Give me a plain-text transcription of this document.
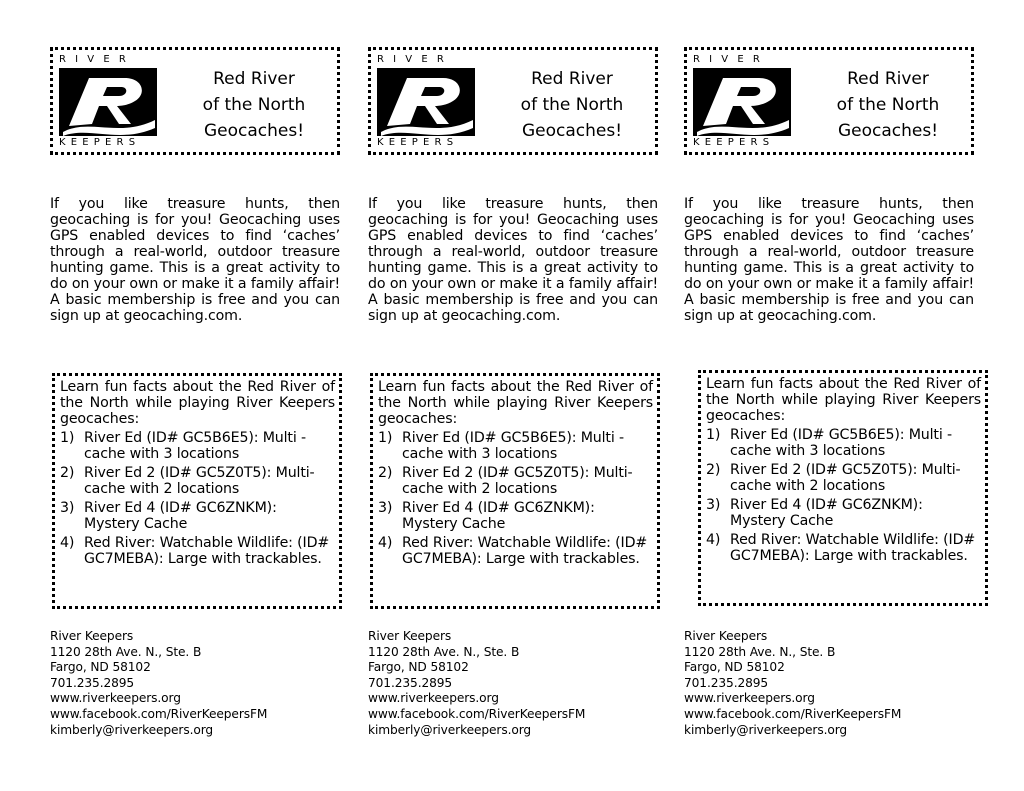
RIVER
KEEPERS
Red River
of the North
Geocaches!
If you like treasure hunts, then geocaching is for you! Geocaching uses GPS enabled devices to find ‘caches’ through a real-world, outdoor treasure hunting game. This is a great activity to do on your own or make it a family affair! A basic membership is free and you can sign up at geocaching.com.
Learn fun facts about the Red River of the North while playing River Keepers geocaches:
1) River Ed (ID# GC5B6E5): Multi -cache with 3 locations
2) River Ed 2 (ID# GC5Z0T5): Multi-cache with 2 locations
3) River Ed 4 (ID# GC6ZNKM): Mystery Cache
4) Red River: Watchable Wildlife: (ID# GC7MEBA): Large with trackables.
River Keepers
1120 28th Ave. N., Ste. B
Fargo, ND 58102
701.235.2895
www.riverkeepers.org
www.facebook.com/RiverKeepersFM
kimberly@riverkeepers.org
RIVER
KEEPERS
Red River
of the North
Geocaches!
If you like treasure hunts, then geocaching is for you! Geocaching uses GPS enabled devices to find ‘caches’ through a real-world, outdoor treasure hunting game. This is a great activity to do on your own or make it a family affair! A basic membership is free and you can sign up at geocaching.com.
Learn fun facts about the Red River of the North while playing River Keepers geocaches:
1) River Ed (ID# GC5B6E5): Multi -cache with 3 locations
2) River Ed 2 (ID# GC5Z0T5): Multi-cache with 2 locations
3) River Ed 4 (ID# GC6ZNKM): Mystery Cache
4) Red River: Watchable Wildlife: (ID# GC7MEBA): Large with trackables.
River Keepers
1120 28th Ave. N., Ste. B
Fargo, ND 58102
701.235.2895
www.riverkeepers.org
www.facebook.com/RiverKeepersFM
kimberly@riverkeepers.org
RIVER
KEEPERS
Red River
of the North
Geocaches!
If you like treasure hunts, then geocaching is for you! Geocaching uses GPS enabled devices to find ‘caches’ through a real-world, outdoor treasure hunting game. This is a great activity to do on your own or make it a family affair! A basic membership is free and you can sign up at geocaching.com.
Learn fun facts about the Red River of the North while playing River Keepers geocaches:
1) River Ed (ID# GC5B6E5): Multi -cache with 3 locations
2) River Ed 2 (ID# GC5Z0T5): Multi-cache with 2 locations
3) River Ed 4 (ID# GC6ZNKM): Mystery Cache
4) Red River: Watchable Wildlife: (ID# GC7MEBA): Large with trackables.
River Keepers
1120 28th Ave. N., Ste. B
Fargo, ND 58102
701.235.2895
www.riverkeepers.org
www.facebook.com/RiverKeepersFM
kimberly@riverkeepers.org
